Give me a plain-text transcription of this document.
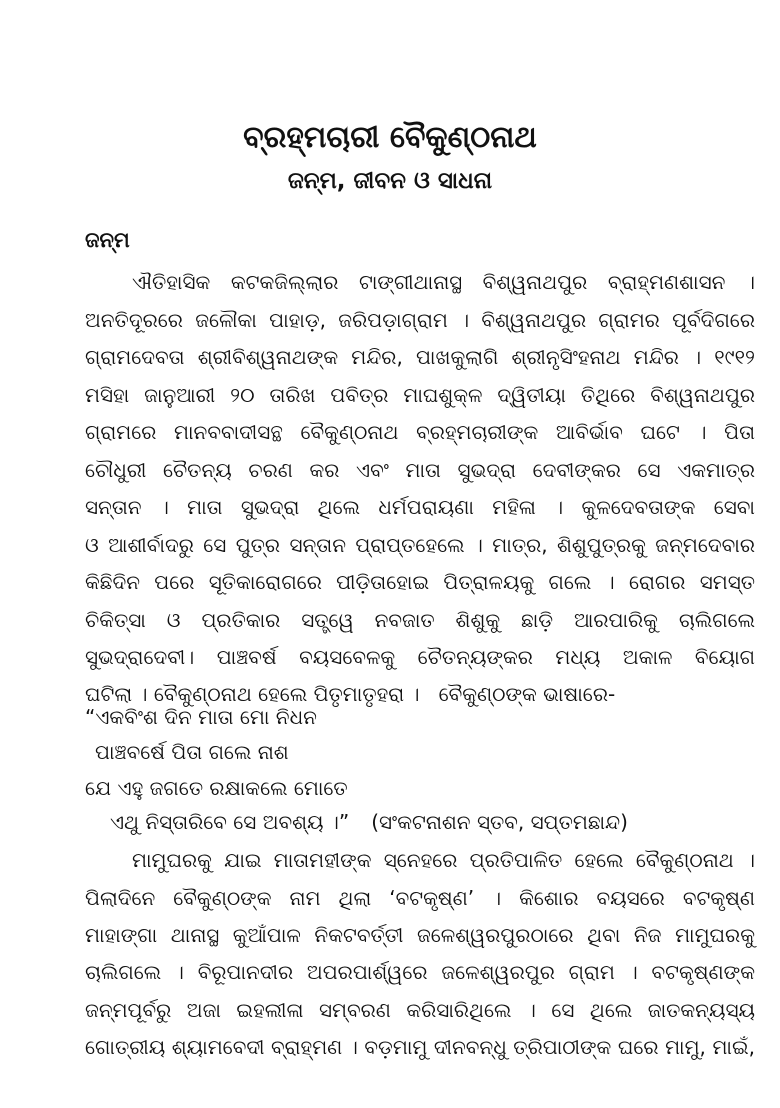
ବ୍ରହ୍ମଚାରୀ ବୈକୁଣ୍ଠନାଥ
ଜନ୍ମ, ଜୀବନ ଓ ସାଧନା
ଜନ୍ମ
ଐତିହାସିକ କଟକଜିଲ୍ଲାର ଟାଙ୍ଗୀଥାନାସ୍ଥ ବିଶ୍ୱନାଥପୁର ବ୍ରାହ୍ମଣଶାସନ ।
ଅନତିଦୂରରେ ଜଳୌକା ପାହାଡ଼, ଜରିପଡ଼ାଗ୍ରାମ । ବିଶ୍ୱନାଥପୁର ଗ୍ରାମର ପୂର୍ବଦିଗରେ
ଗ୍ରାମଦେବତା ଶ୍ରୀବିଶ୍ୱନାଥଙ୍କ ମନ୍ଦିର, ପାଖକୁଲାଗି ଶ୍ରୀନୃସିଂହନାଥ ମନ୍ଦିର । ୧୯୧୨
ମସିହା ଜାନୁଆରୀ ୨୦ ତାରିଖ ପବିତ୍ର ମାଘଶୁକ୍ଳ ଦ୍ୱିତୀୟା ତିଥିରେ ବିଶ୍ୱନାଥପୁର
ଗ୍ରାମରେ ମାନବବାଦୀସନ୍ଥ ବୈକୁଣ୍ଠନାଥ ବ୍ରହ୍ମଚାରୀଙ୍କ ଆବିର୍ଭାବ ଘଟେ । ପିତା
ଚୌଧୁରୀ ଚୈତନ୍ୟ ଚରଣ କର ଏବଂ ମାତା ସୁଭଦ୍ରା ଦେବୀଙ୍କର ସେ ଏକମାତ୍ର
ସନ୍ତାନ । ମାତା ସୁଭଦ୍ରା ଥିଲେ ଧର୍ମପରାୟଣା ମହିଳା । କୁଳଦେବତାଙ୍କ ସେବା
ଓ ଆଶୀର୍ବାଦରୁ ସେ ପୁତ୍ର ସନ୍ତାନ ପ୍ରାପ୍ତହେଲେ । ମାତ୍ର, ଶିଶୁପୁତ୍ରକୁ ଜନ୍ମଦେବାର
କିଛିଦିନ ପରେ ସୂତିକାରୋଗରେ ପୀଡ଼ିତାହୋଇ ପିତ୍ରାଳୟକୁ ଗଲେ । ରୋଗର ସମସ୍ତ
ଚିକିତ୍ସା ଓ ପ୍ରତିକାର ସତ୍ତ୍ୱେ ନବଜାତ ଶିଶୁକୁ ଛାଡ଼ି ଆରପାରିକୁ ଚାଲିଗଲେ
ସୁଭଦ୍ରାଦେବୀ। ପାଞ୍ଚବର୍ଷ ବୟସବେଳକୁ ଚୈତନ୍ୟଙ୍କର ମଧ୍ୟ ଅକାଳ ବିୟୋଗ
ଘଟିଲା । ବୈକୁଣ୍ଠନାଥ ହେଲେ ପିତୃମାତୃହରା ।   ବୈକୁଣ୍ଠଙ୍କ ଭାଷାରେ-
“ଏକବିଂଶ ଦିନ ମାତା ମୋ ନିଧନ
ପାଞ୍ଚବର୍ଷେ ପିତା ଗଲେ ନାଶ
ଯେ ଏହୁ ଜଗତେ ରକ୍ଷାକଲେ ମୋତେ
ଏଥୁ ନିସ୍ତାରିବେ ସେ ଅବଶ୍ୟ ।” (ସଂକଟନାଶନ ସ୍ତବ, ସପ୍ତମଛାନ୍ଦ)
ମାମୁଘରକୁ ଯାଇ ମାତାମହୀଙ୍କ ସ୍ନେହରେ ପ୍ରତିପାଳିତ ହେଲେ ବୈକୁଣ୍ଠନାଥ ।
ପିଲାଦିନେ ବୈକୁଣ୍ଠଙ୍କ ନାମ ଥିଲା ‘ବଟକୃଷ୍ଣ’ । କିଶୋର ବୟସରେ ବଟକୃଷ୍ଣ
ମାହାଙ୍ଗା ଥାନାସ୍ଥ କୁଆଁପାଳ ନିକଟବର୍ତ୍ତୀ ଜଳେଶ୍ୱରପୁରଠାରେ ଥିବା ନିଜ ମାମୁଘରକୁ
ଚାଲିଗଲେ । ବିରୂପାନଦୀର ଅପରପାର୍ଶ୍ୱରେ ଜଳେଶ୍ୱରପୁର ଗ୍ରାମ । ବଟକୃଷ୍ଣଙ୍କ
ଜନ୍ମପୂର୍ବରୁ ଅଜା ଇହଲୀଳା ସମ୍ବରଣ କରିସାରିଥିଲେ । ସେ ଥିଲେ ଜାତକନ୍ୟସ୍ୟ
ଗୋତ୍ରୀୟ ଶ୍ୟାମବେଦୀ ବ୍ରାହ୍ମଣ । ବଡ଼ମାମୁ ଦୀନବନ୍ଧୁ ତ୍ରିପାଠୀଙ୍କ ଘରେ ମାମୁ, ମାଇଁ,
